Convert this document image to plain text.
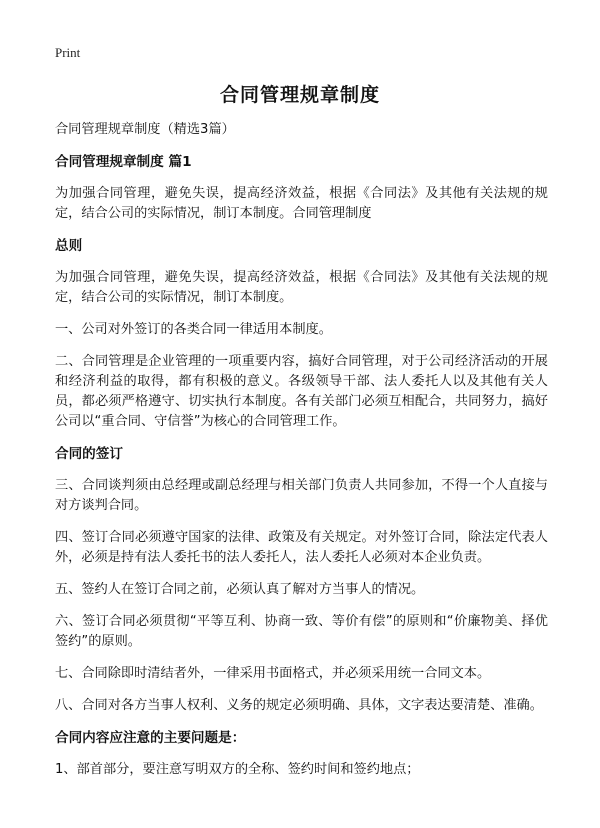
Print
合同管理规章制度

合同管理规章制度（精选3篇）

合同管理规章制度 篇1

为加强合同管理，避免失误，提高经济效益，根据《合同法》及其他有关法规的规定，结合公司的实际情况，制订本制度。合同管理制度

总则

为加强合同管理，避免失误，提高经济效益，根据《合同法》及其他有关法规的规定，结合公司的实际情况，制订本制度。

一、公司对外签订的各类合同一律适用本制度。

二、合同管理是企业管理的一项重要内容，搞好合同管理，对于公司经济活动的开展和经济利益的取得，都有积极的意义。各级领导干部、法人委托人以及其他有关人员，都必须严格遵守、切实执行本制度。各有关部门必须互相配合，共同努力，搞好公司以“重合同、守信誉”为核心的合同管理工作。

合同的签订

三、合同谈判须由总经理或副总经理与相关部门负责人共同参加，不得一个人直接与对方谈判合同。

四、签订合同必须遵守国家的法律、政策及有关规定。对外签订合同，除法定代表人外，必须是持有法人委托书的法人委托人，法人委托人必须对本企业负责。

五、签约人在签订合同之前，必须认真了解对方当事人的情况。

六、签订合同必须贯彻“平等互利、协商一致、等价有偿”的原则和“价廉物美、择优签约”的原则。

七、合同除即时清结者外，一律采用书面格式，并必须采用统一合同文本。

八、合同对各方当事人权利、义务的规定必须明确、具体，文字表达要清楚、准确。

合同内容应注意的主要问题是：

1、部首部分，要注意写明双方的全称、签约时间和签约地点；
